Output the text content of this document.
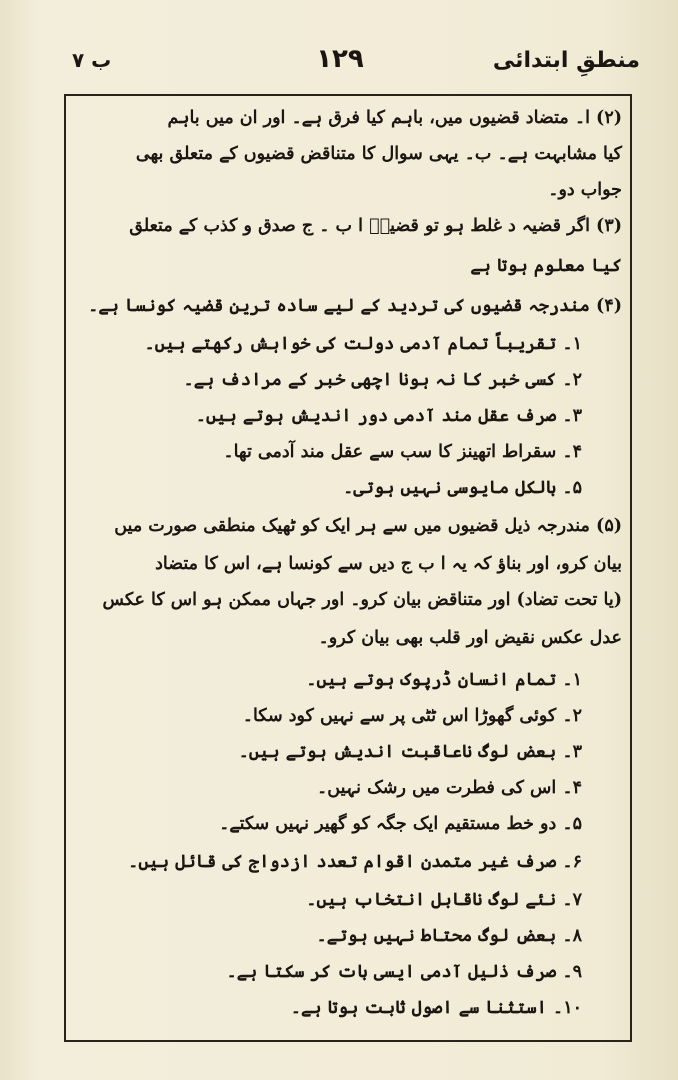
ب ۷	۱۲۹	منطقِ ابتدائی
(۲) ا۔ متضاد قضیوں میں، باہم کیا فرق ہے۔ اور ان میں باہم
کیا مشابہت ہے۔ ب۔ یہی سوال کا متناقض قضیوں کے متعلق بھی
جواب دو۔
(۳) اگر قضیہ د غلط ہو تو قضیہٗ ا ب ۔ ج صدق و کذب کے متعلق
کیا معلوم ہوتا ہے
(۴) مندرجہ قضیوں کی تردید کے لیے سادہ ترین قضیہ کونسا ہے۔
۱۔ تقریباً تمام آدمی دولت کی خواہش رکھتے ہیں۔
۲۔ کسی خبر کا نہ ہونا اچھی خبر کے مرادف ہے۔
۳۔ صرف عقل مند آدمی دور اندیش ہوتے ہیں۔
۴۔ سقراط اتھینز کا سب سے عقل مند آدمی تھا۔
۵۔ بالکل مایوسی نہیں ہوتی۔
(۵) مندرجہ ذیل قضیوں میں سے ہر ایک کو ٹھیک منطقی صورت میں
بیان کرو، اور بناؤ کہ یہ ا ب ج دیں سے کونسا ہے، اس کا متضاد
(یا تحت تضاد) اور متناقض بیان کرو۔ اور جہاں ممکن ہو اس کا عکس
عدل عکس نقیض اور قلب بھی بیان کرو۔
۱۔ تمام انسان ڈرپوک ہوتے ہیں۔
۲۔ کوئی گھوڑا اس ٹٹی پر سے نہیں کود سکا۔
۳۔ بعض لوگ ناعاقبت اندیش ہوتے ہیں۔
۴۔ اس کی فطرت میں رشک نہیں۔
۵۔ دو خط مستقیم ایک جگہ کو گھیر نہیں سکتے۔
۶۔ صرف غیر متمدن اقوام تعدد ازدواج کی قائل ہیں۔
۷۔ نئے لوگ ناقابل انتخاب ہیں۔
۸۔ بعض لوگ محتاط نہیں ہوتے۔
۹۔ صرف ذلیل آدمی ایسی بات کر سکتا ہے۔
۱۰۔ استثنا سے اصول ثابت ہوتا ہے۔
